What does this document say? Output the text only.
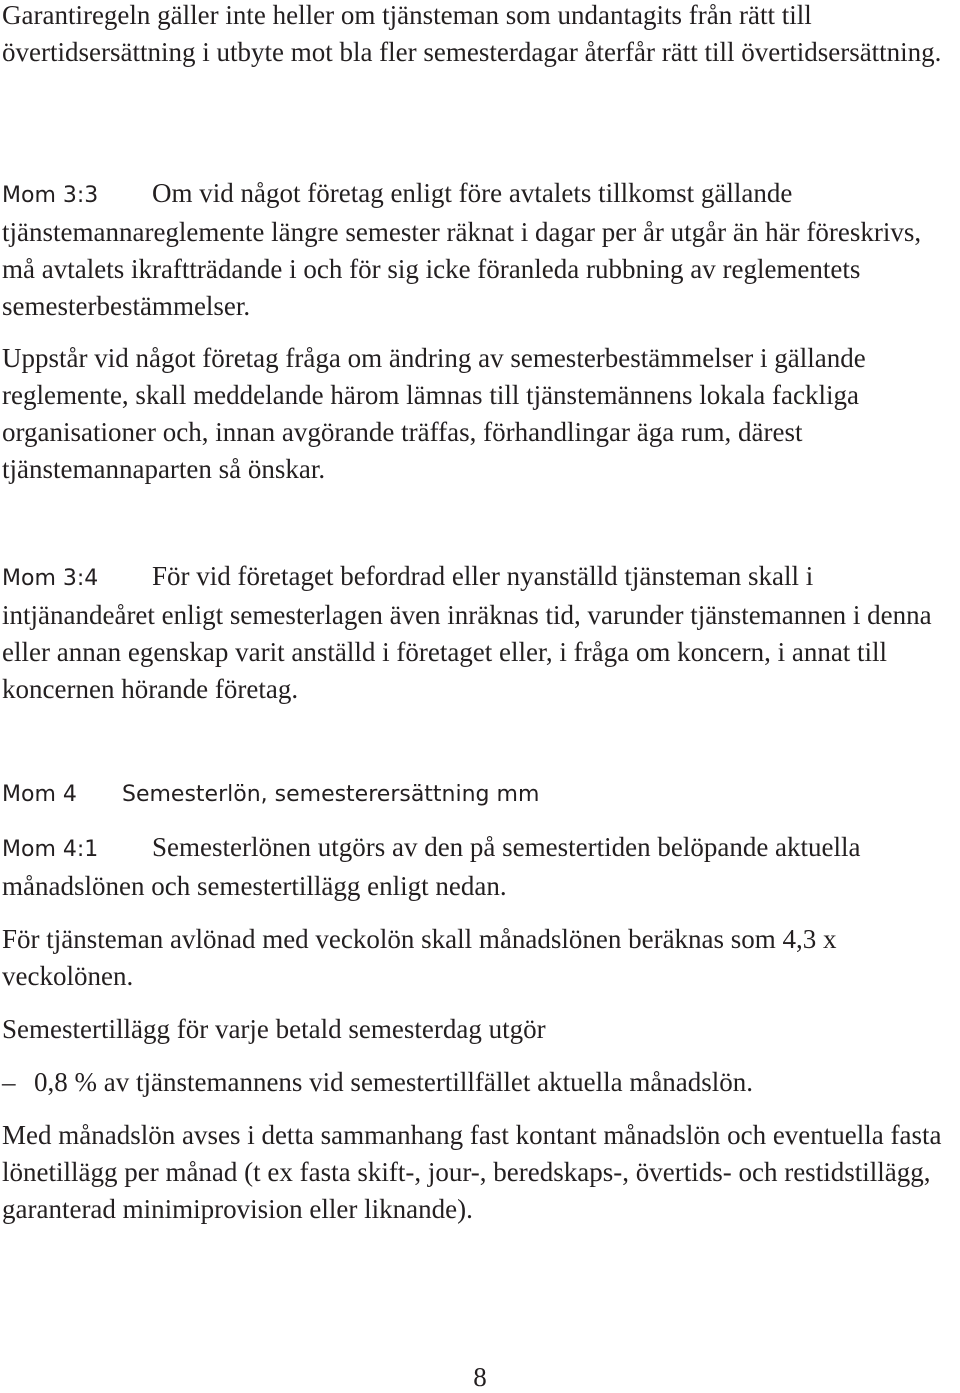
Garantiregeln gäller inte heller om tjänsteman som undantagits från rätt till övertidsersättning i utbyte mot bla fler semesterdagar återfår rätt till övertidsersättning.

Mom 3:3 Om vid något företag enligt före avtalets tillkomst gällande tjänstemannareglemente längre semester räknat i dagar per år utgår än här föreskrivs, må avtalets ikraftträdande i och för sig icke föranleda rubbning av reglementets semesterbestämmelser.

Uppstår vid något företag fråga om ändring av semesterbestämmelser i gällande reglemente, skall meddelande härom lämnas till tjänstemännens lokala fackliga organisationer och, innan avgörande träffas, förhandlingar äga rum, därest tjänstemannaparten så önskar.

Mom 3:4 För vid företaget befordrad eller nyanställd tjänsteman skall i intjänandeåret enligt semesterlagen även inräknas tid, varunder tjänstemannen i denna eller annan egenskap varit anställd i företaget eller, i fråga om koncern, i annat till koncernen hörande företag.
Mom 4 Semesterlön, semesterersättning mm
Mom 4:1 Semesterlönen utgörs av den på semestertiden belöpande aktuella månadslönen och semestertillägg enligt nedan.

För tjänsteman avlönad med veckolön skall månadslönen beräknas som 4,3 x veckolönen.

Semestertillägg för varje betald semesterdag utgör

– 0,8 % av tjänstemannens vid semestertillfället aktuella månadslön.

Med månadslön avses i detta sammanhang fast kontant månadslön och eventuella fasta lönetillägg per månad (t ex fasta skift-, jour-, beredskaps-, övertids- och restidstillägg, garanterad minimiprovision eller liknande).

8
